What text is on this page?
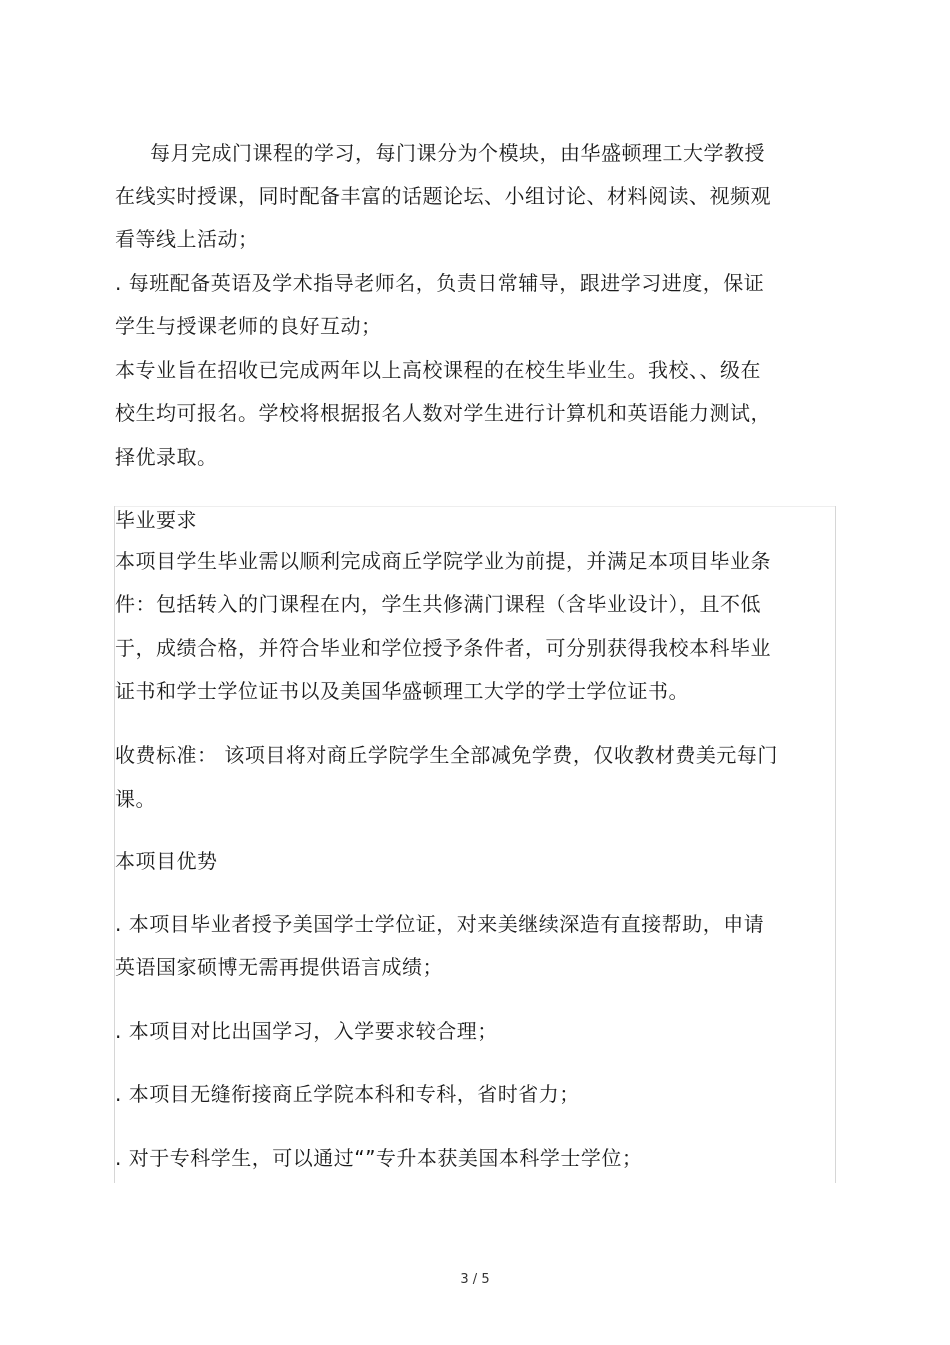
每月完成门课程的学习，每门课分为个模块，由华盛顿理工大学教授
在线实时授课，同时配备丰富的话题论坛、小组讨论、材料阅读、视频观
看等线上活动；
. 每班配备英语及学术指导老师名，负责日常辅导，跟进学习进度，保证
学生与授课老师的良好互动；
本专业旨在招收已完成两年以上高校课程的在校生毕业生。我校、、级在
校生均可报名。学校将根据报名人数对学生进行计算机和英语能力测试，
择优录取。
毕业要求
本项目学生毕业需以顺利完成商丘学院学业为前提，并满足本项目毕业条
件：包括转入的门课程在内，学生共修满门课程（含毕业设计），且不低
于，成绩合格，并符合毕业和学位授予条件者，可分别获得我校本科毕业
证书和学士学位证书以及美国华盛顿理工大学的学士学位证书。
收费标准： 该项目将对商丘学院学生全部减免学费，仅收教材费美元每门
课。
本项目优势
. 本项目毕业者授予美国学士学位证，对来美继续深造有直接帮助，申请
英语国家硕博无需再提供语言成绩；
. 本项目对比出国学习，入学要求较合理；
. 本项目无缝衔接商丘学院本科和专科，省时省力；
. 对于专科学生，可以通过“”专升本获美国本科学士学位；
3 / 5
